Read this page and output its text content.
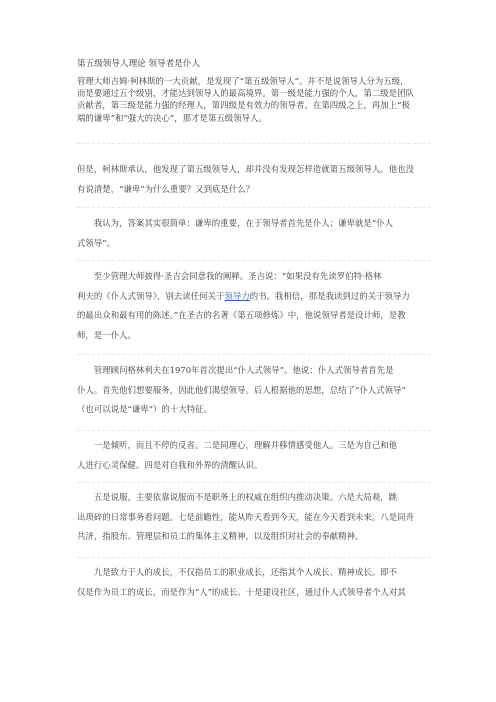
第五级领导人理论 领导者是仆人
管理大师吉姆·柯林斯的一大贡献，是发现了“第五级领导人”。并不是说领导人分为五级，
而是要通过五个级别，才能达到领导人的最高境界。第一级是能力强的个人，第二级是团队
贡献者，第三级是能力强的经理人，第四级是有效力的领导者。在第四级之上，再加上“极
端的谦卑”和“强大的决心”，那才是第五级领导人。
但是，柯林斯承认，他发现了第五级领导人，却并没有发现怎样造就第五级领导人。他也没
有说清楚，“谦卑”为什么重要？又到底是什么？
我认为，答案其实很简单：谦卑的重要，在于领导者首先是仆人；谦卑就是“仆人
式领导”。
至少管理大师披得·圣吉会同意我的阐释。圣吉说：“如果没有先读罗伯特·格林
利夫的《仆人式领导》，别去读任何关于领导力的书。我相信，那是我读到过的关于领导力
的最出众和最有用的陈述。”在圣吉的名著《第五项修炼》中，他说领导者是设计师，是教
师，是一仆人。
管理顾问格林利夫在1970年首次提出“仆人式领导”。他说：仆人式领导者首先是
仆人。首先他们想要服务，因此他们渴望领导。后人根据他的思想，总结了“仆人式领导”
（也可以说是“谦卑”）的十大特征。
一是倾听，而且不停的反省。二是同理心，理解并移情感受他人。三是为自己和他
人进行心灵保健。四是对自我和外界的清醒认识。
五是说服，主要依靠说服而不是职务上的权威在组织内推动决策。六是大局观，跳
出琐碎的日常事务看问题。七是前瞻性，能从昨天看到今天，能在今天看到未来。八是同舟
共济，指股东、管理层和员工的集体主义精神，以及组织对社会的奉献精神。
九是致力于人的成长，不仅指员工的职业成长，还指其个人成长、精神成长。即不
仅是作为员工的成长，而是作为“人”的成长。十是建设社区，通过仆人式领导者个人对其
